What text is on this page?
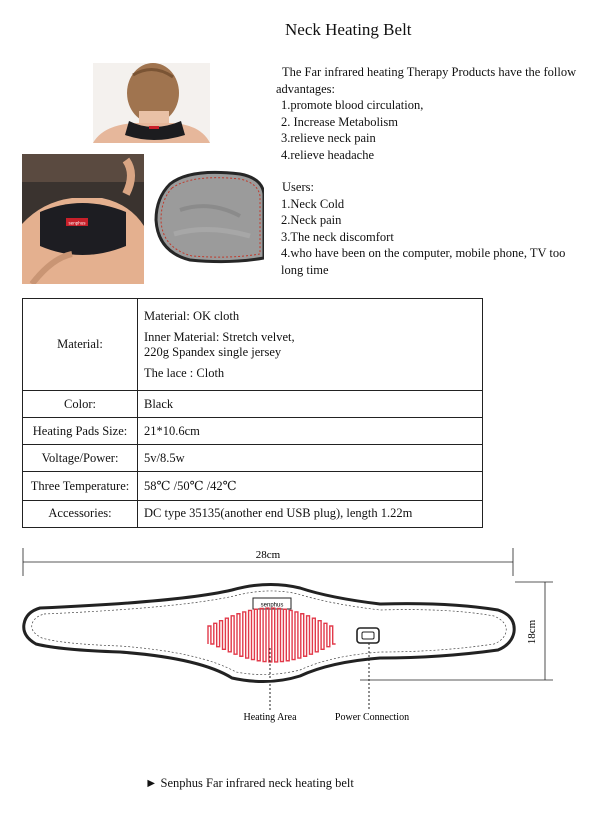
Neck Heating Belt

The Far infrared heating Therapy Products have the follow advantages:

1.promote blood circulation,

2. Increase Metabolism

3.relieve neck pain

4.relieve headache

Users:

1.Neck Cold

2.Neck pain

3.The neck discomfort

4.who have been on the computer, mobile phone, TV too long time

senphus
Material:	Material: OK cloth
Inner Material: Stretch velvet,
220g Spandex single jersey
The lace : Cloth

Color:	Black
Heating Pads Size:	21*10.6cm
Voltage/Power:	5v/8.5w
Three Temperature:	58℃ /50℃ /42℃
Accessories:	DC type 35135(another end USB plug), length 1.22m
28cm
18cm
senphus
Heating Area	Power Connection
► Senphus Far infrared neck heating belt
